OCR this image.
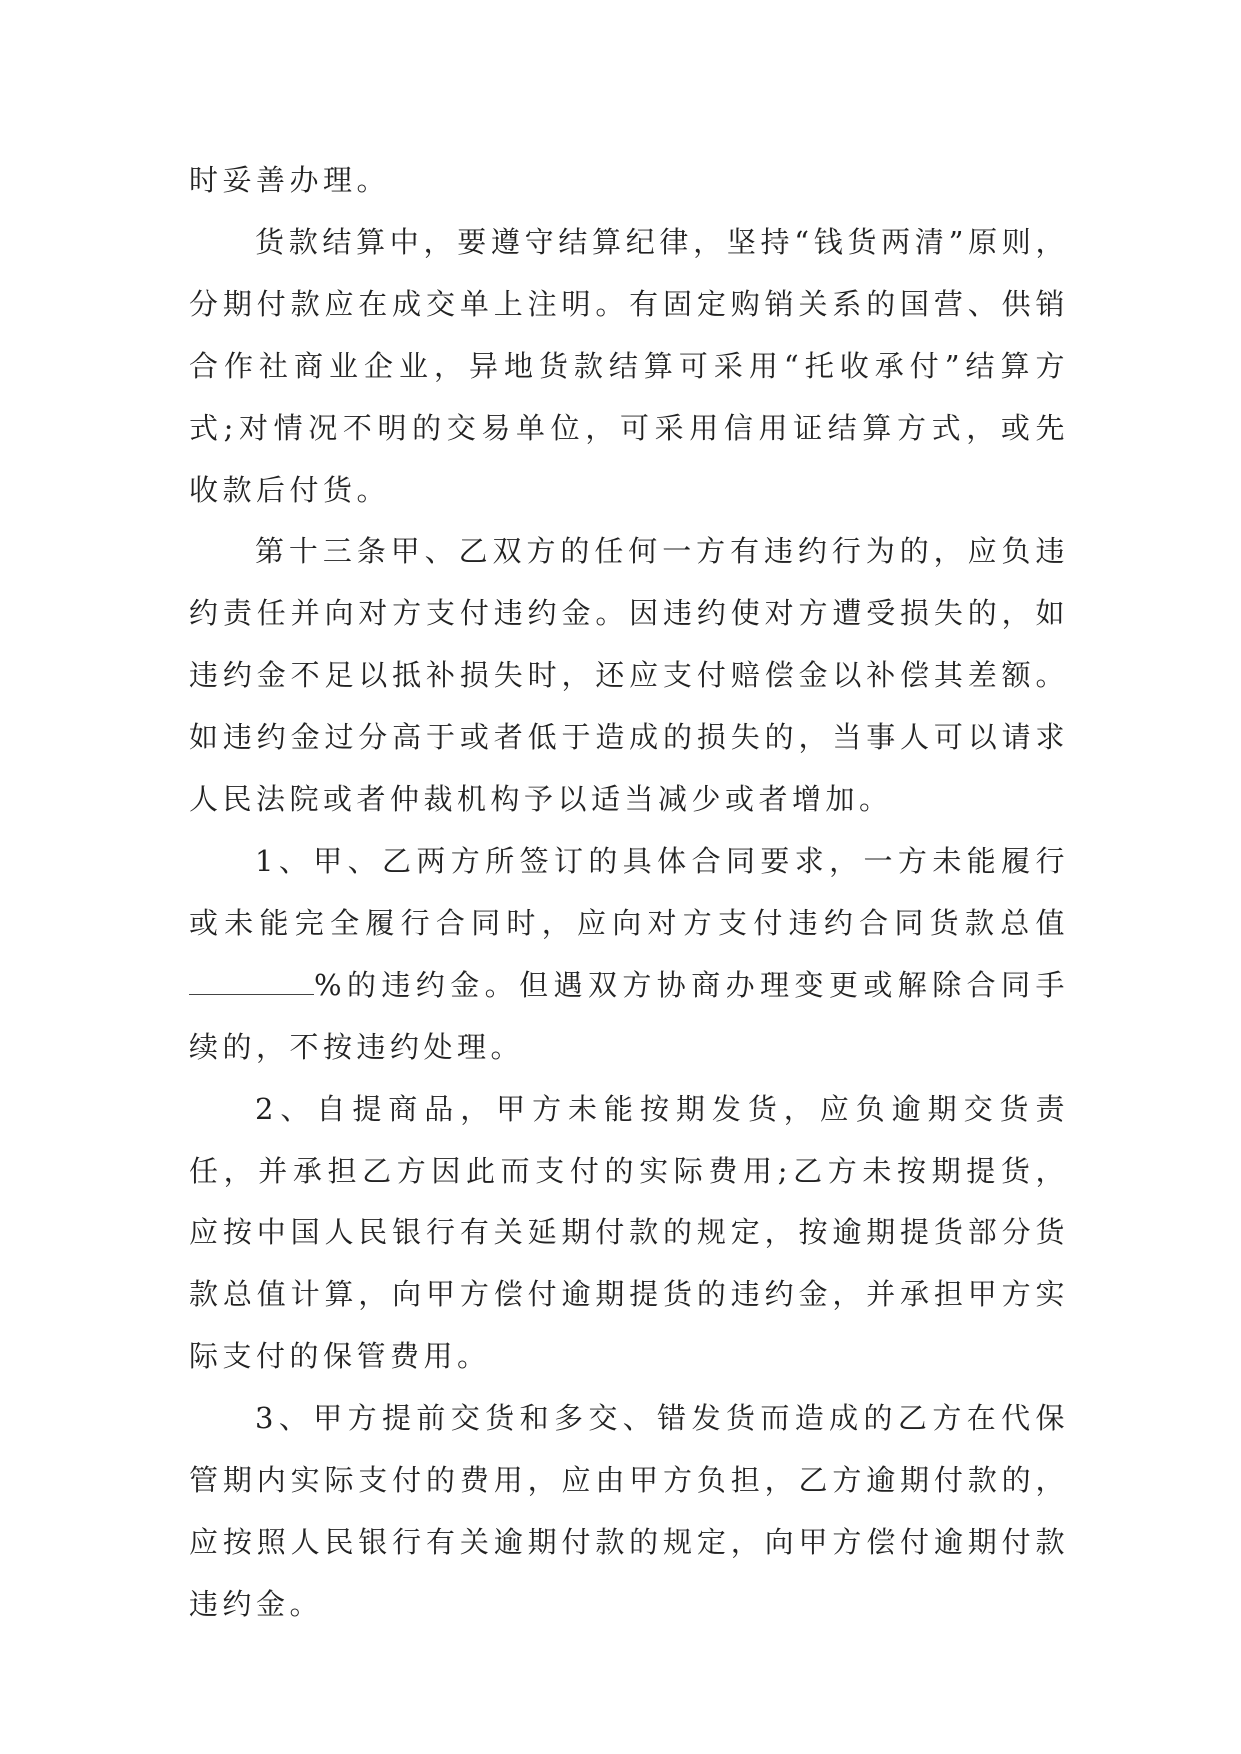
时妥善办理。

货款结算中，要遵守结算纪律，坚持“钱货两清”原则，分期付款应在成交单上注明。有固定购销关系的国营、供销合作社商业企业，异地货款结算可采用“托收承付”结算方式;对情况不明的交易单位，可采用信用证结算方式，或先收款后付货。

第十三条甲、乙双方的任何一方有违约行为的，应负违约责任并向对方支付违约金。因违约使对方遭受损失的，如违约金不足以抵补损失时，还应支付赔偿金以补偿其差额。如违约金过分高于或者低于造成的损失的，当事人可以请求人民法院或者仲裁机构予以适当减少或者增加。

1、甲、乙两方所签订的具体合同要求，一方未能履行或未能完全履行合同时，应向对方支付违约合同货款总值%的违约金。但遇双方协商办理变更或解除合同手续的，不按违约处理。

2、自提商品，甲方未能按期发货，应负逾期交货责任，并承担乙方因此而支付的实际费用;乙方未按期提货，应按中国人民银行有关延期付款的规定，按逾期提货部分货款总值计算，向甲方偿付逾期提货的违约金，并承担甲方实际支付的保管费用。

3、甲方提前交货和多交、错发货而造成的乙方在代保管期内实际支付的费用，应由甲方负担，乙方逾期付款的，应按照人民银行有关逾期付款的规定，向甲方偿付逾期付款违约金。
